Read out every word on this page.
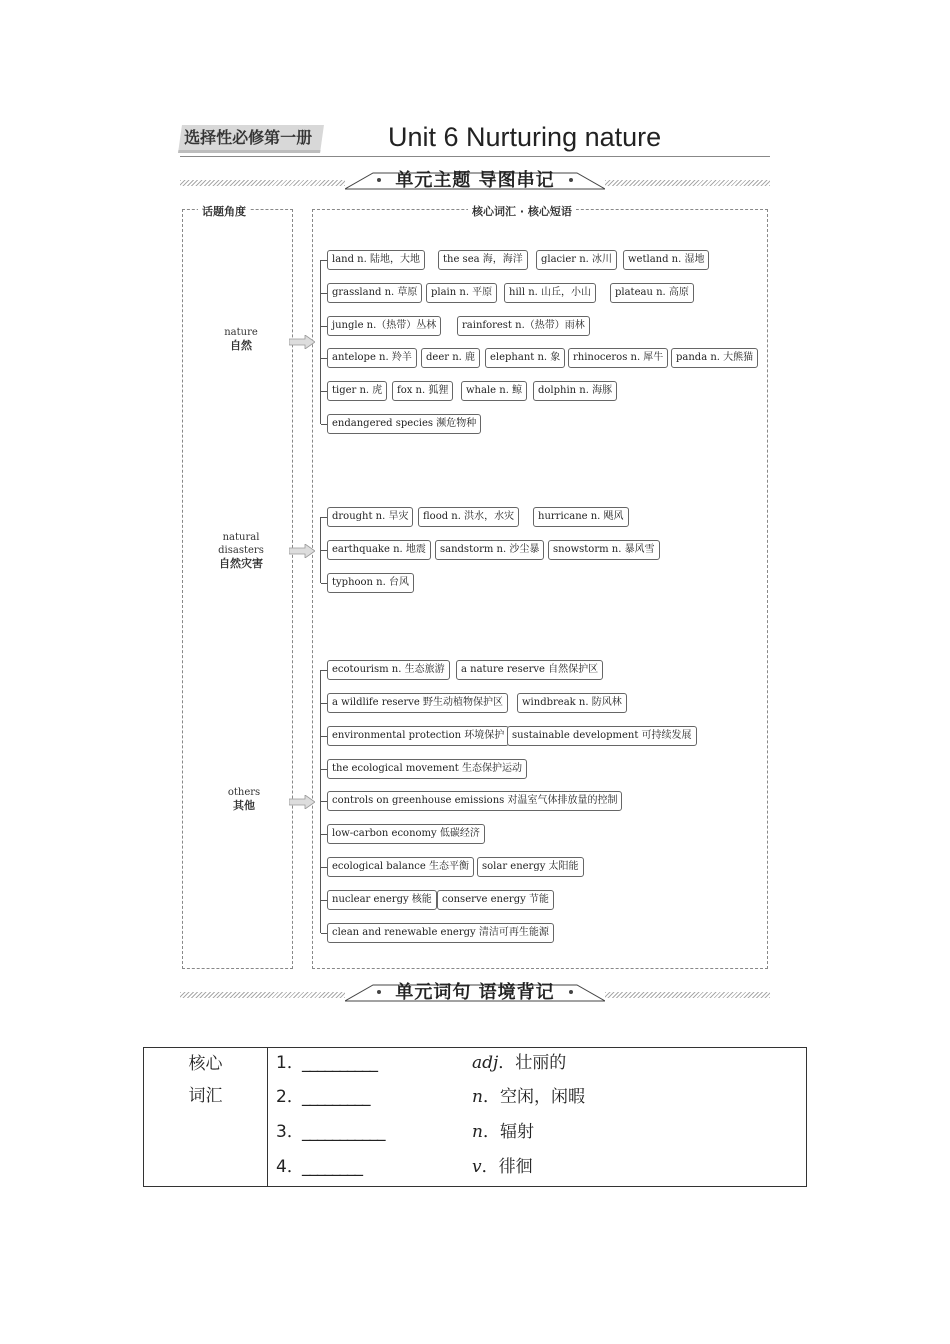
选择性必修第一册	Unit 6 Nurturing nature
单元主题 导图串记
话题角度	核心词汇 · 核心短语
nature
自然
land n. 陆地，大地	the sea 海，海洋	glacier n. 冰川	wetland n. 湿地
grassland n. 草原	plain n. 平原	hill n. 山丘，小山	plateau n. 高原
jungle n.（热带）丛林	rainforest n.（热带）雨林
antelope n. 羚羊	deer n. 鹿	elephant n. 象	rhinoceros n. 犀牛	panda n. 大熊猫
tiger n. 虎	fox n. 狐狸	whale n. 鲸	dolphin n. 海豚
endangered species 濒危物种
natural disasters
自然灾害
drought n. 旱灾	flood n. 洪水，水灾	hurricane n. 飓风
earthquake n. 地震	sandstorm n. 沙尘暴	snowstorm n. 暴风雪
typhoon n. 台风
others
其他
ecotourism n. 生态旅游	a nature reserve 自然保护区
a wildlife reserve 野生动植物保护区	windbreak n. 防风林
environmental protection 环境保护 sustainable development 可持续发展
the ecological movement 生态保护运动
controls on greenhouse emissions 对温室气体排放量的控制
low-carbon economy 低碳经济
ecological balance 生态平衡	solar energy 太阳能
nuclear energy 核能	conserve energy 节能
clean and renewable energy 清洁可再生能源
单元词句 语境背记
核心
词汇
1．__________	adj．壮丽的
2．_________	n．空闲，闲暇
3．___________	n．辐射
4．________	v．徘徊
